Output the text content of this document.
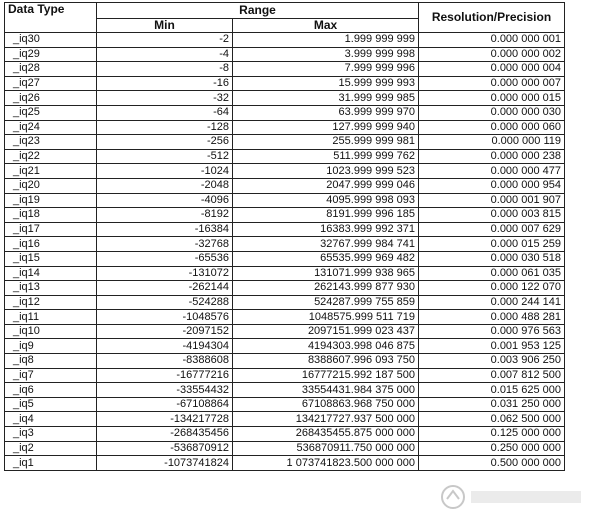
Data Type	Range		Resolution/Precision
	Min	Max	
_iq30	-2	1.999 999 999	0.000 000 001
_iq29	-4	3.999 999 998	0.000 000 002
_iq28	-8	7.999 999 996	0.000 000 004
_iq27	-16	15.999 999 993	0.000 000 007
_iq26	-32	31.999 999 985	0.000 000 015
_iq25	-64	63.999 999 970	0.000 000 030
_iq24	-128	127.999 999 940	0.000 000 060
_iq23	-256	255.999 999 981	0.000 000 119
_iq22	-512	511.999 999 762	0.000 000 238
_iq21	-1024	1023.999 999 523	0.000 000 477
_iq20	-2048	2047.999 999 046	0.000 000 954
_iq19	-4096	4095.999 998 093	0.000 001 907
_iq18	-8192	8191.999 996 185	0.000 003 815
_iq17	-16384	16383.999 992 371	0.000 007 629
_iq16	-32768	32767.999 984 741	0.000 015 259
_iq15	-65536	65535.999 969 482	0.000 030 518
_iq14	-131072	131071.999 938 965	0.000 061 035
_iq13	-262144	262143.999 877 930	0.000 122 070
_iq12	-524288	524287.999 755 859	0.000 244 141
_iq11	-1048576	1048575.999 511 719	0.000 488 281
_iq10	-2097152	2097151.999 023 437	0.000 976 563
_iq9	-4194304	4194303.998 046 875	0.001 953 125
_iq8	-8388608	8388607.996 093 750	0.003 906 250
_iq7	-16777216	16777215.992 187 500	0.007 812 500
_iq6	-33554432	33554431.984 375 000	0.015 625 000
_iq5	-67108864	67108863.968 750 000	0.031 250 000
_iq4	-134217728	134217727.937 500 000	0.062 500 000
_iq3	-268435456	268435455.875 000 000	0.125 000 000
_iq2	-536870912	536870911.750 000 000	0.250 000 000
_iq1	-1073741824	1 073741823.500 000 000	0.500 000 000
